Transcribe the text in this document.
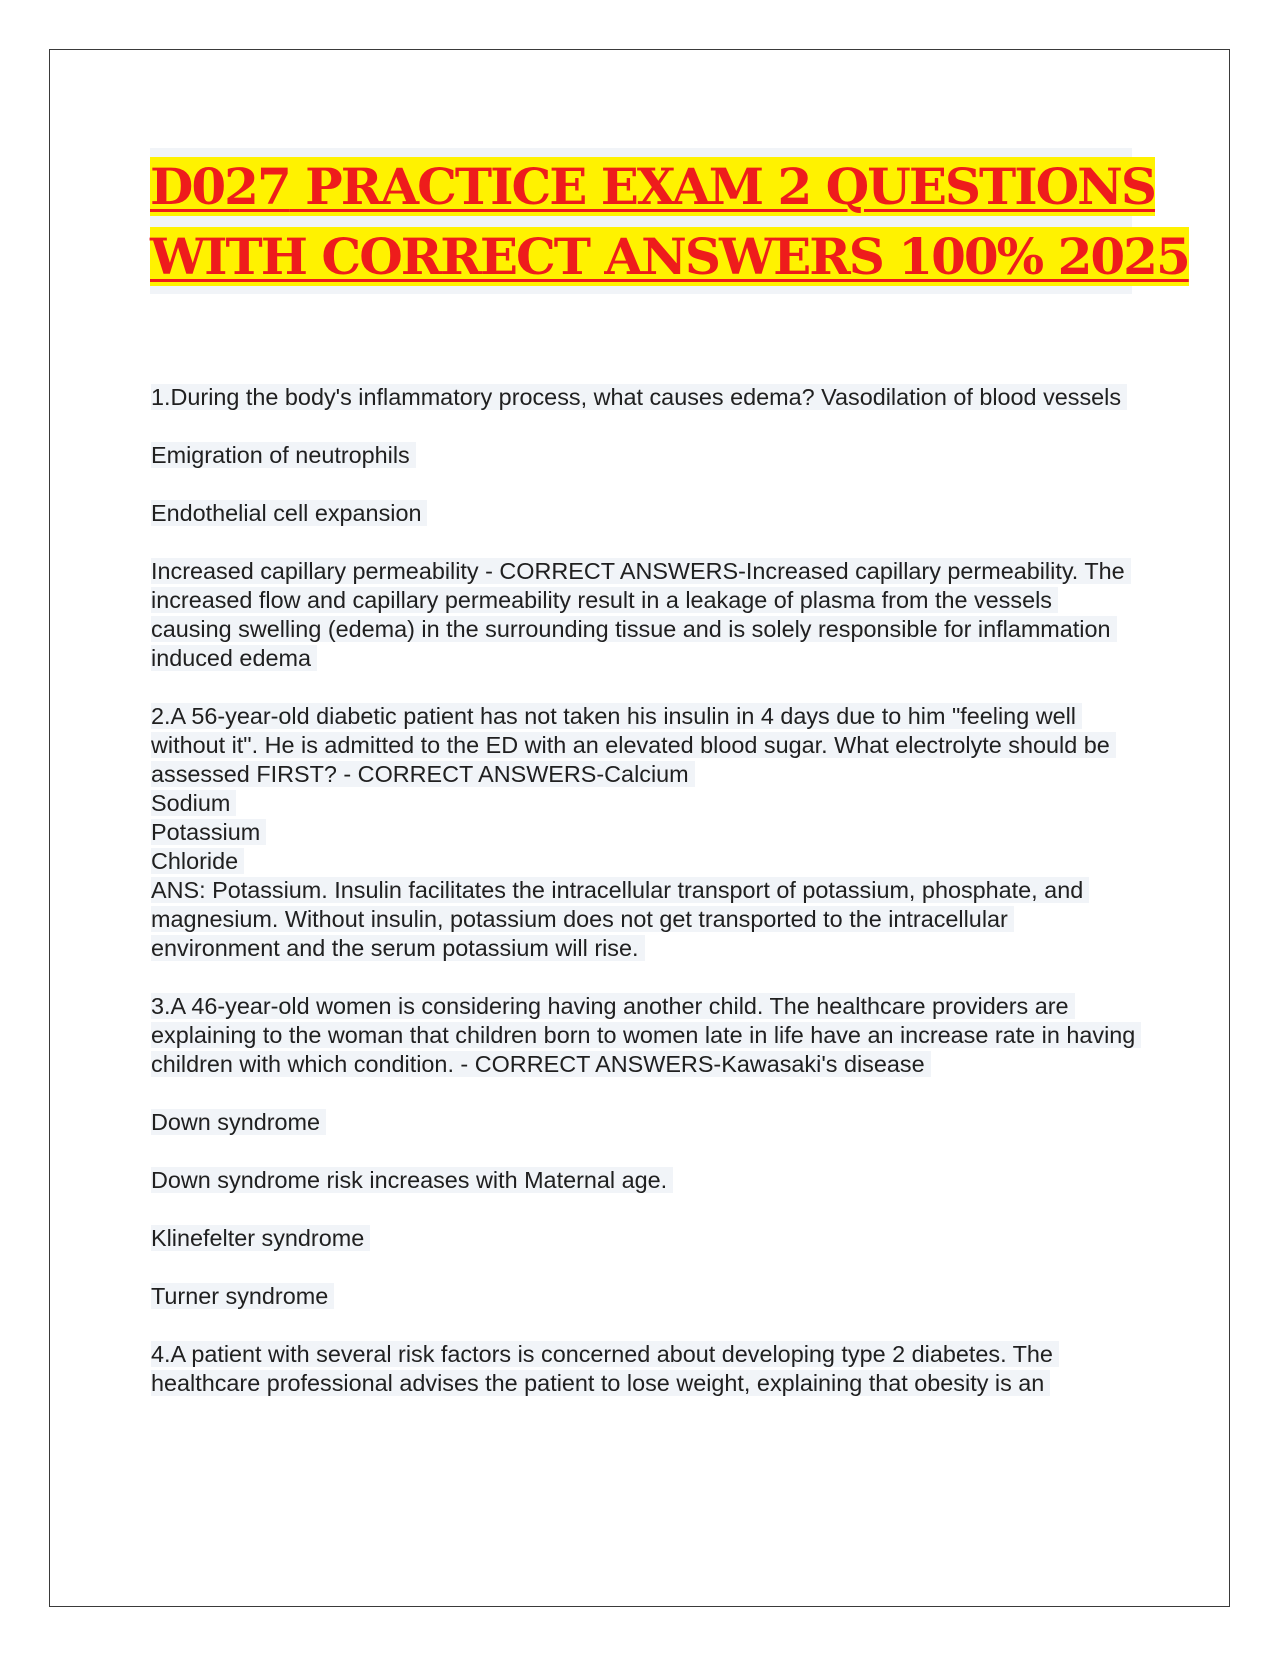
D027 PRACTICE EXAM 2 QUESTIONS
WITH CORRECT ANSWERS 100% 2025

1.During the body's inflammatory process, what causes edema? Vasodilation of blood vessels

Emigration of neutrophils

Endothelial cell expansion

Increased capillary permeability - CORRECT ANSWERS-Increased capillary permeability. The increased flow and capillary permeability result in a leakage of plasma from the vessels causing swelling (edema) in the surrounding tissue and is solely responsible for inflammation induced edema

2.A 56-year-old diabetic patient has not taken his insulin in 4 days due to him "feeling well without it". He is admitted to the ED with an elevated blood sugar. What electrolyte should be assessed FIRST? - CORRECT ANSWERS-Calcium

Sodium

Potassium

Chloride

ANS: Potassium. Insulin facilitates the intracellular transport of potassium, phosphate, and magnesium. Without insulin, potassium does not get transported to the intracellular environment and the serum potassium will rise.

3.A 46-year-old women is considering having another child. The healthcare providers are explaining to the woman that children born to women late in life have an increase rate in having children with which condition. - CORRECT ANSWERS-Kawasaki's disease

Down syndrome

Down syndrome risk increases with Maternal age.

Klinefelter syndrome

Turner syndrome

4.A patient with several risk factors is concerned about developing type 2 diabetes. The healthcare professional advises the patient to lose weight, explaining that obesity is an
